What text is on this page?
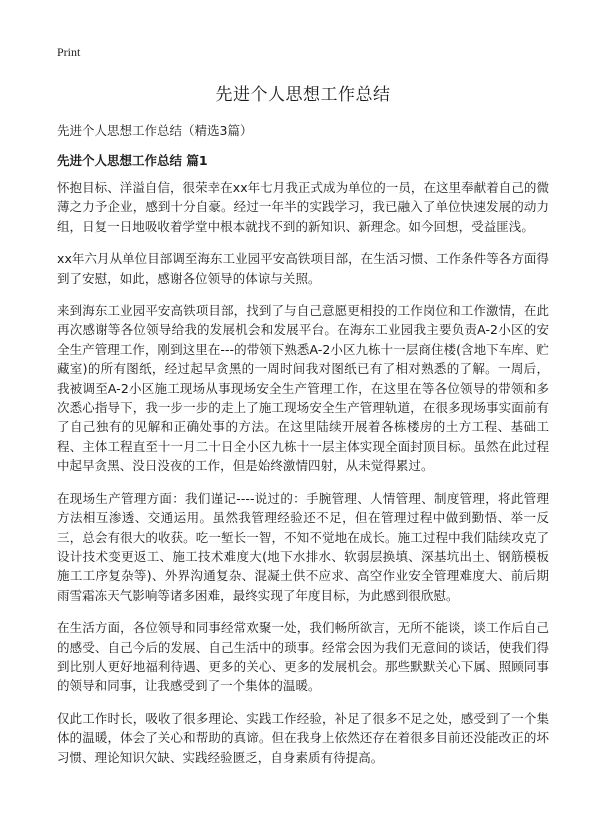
Print
先进个人思想工作总结

先进个人思想工作总结（精选3篇）

先进个人思想工作总结 篇1

怀抱目标、洋溢自信，很荣幸在xx年七月我正式成为单位的一员，在这里奉献着自己的微薄之力予企业，感到十分自豪。经过一年半的实践学习，我已融入了单位快速发展的动力组，日复一日地吸收着学堂中根本就找不到的新知识、新理念。如今回想，受益匪浅。

xx年六月从单位目部调至海东工业园平安高铁项目部，在生活习惯、工作条件等各方面得到了安慰，如此，感谢各位领导的体谅与关照。

来到海东工业园平安高铁项目部，找到了与自己意愿更相投的工作岗位和工作激情，在此再次感谢等各位领导给我的发展机会和发展平台。在海东工业园我主要负责A-2小区的安全生产管理工作，刚到这里在---的带领下熟悉A-2小区九栋十一层商住楼(含地下车库、贮藏室)的所有图纸，经过起早贪黑的一周时间我对图纸已有了相对熟悉的了解。一周后，我被调至A-2小区施工现场从事现场安全生产管理工作，在这里在等各位领导的带领和多次悉心指导下，我一步一步的走上了施工现场安全生产管理轨道，在很多现场事实面前有了自己独有的见解和正确处事的方法。在这里陆续开展着各栋楼房的土方工程、基础工程、主体工程直至十一月二十日全小区九栋十一层主体实现全面封顶目标。虽然在此过程中起早贪黑、没日没夜的工作，但是始终激情四射，从未觉得累过。

在现场生产管理方面：我们谨记----说过的：手腕管理、人情管理、制度管理，将此管理方法相互渗透、交通运用。虽然我管理经验还不足，但在管理过程中做到勤悟、举一反三，总会有很大的收获。吃一堑长一智，不知不觉地在成长。施工过程中我们陆续攻克了设计技术变更返工、施工技术难度大(地下水排水、软弱层换填、深基坑出土、钢筋模板施工工序复杂等)、外界沟通复杂、混凝土供不应求、高空作业安全管理难度大、前后期雨雪霜冻天气影响等诸多困难，最终实现了年度目标，为此感到很欣慰。

在生活方面，各位领导和同事经常欢聚一处，我们畅所欲言，无所不能谈，谈工作后自己的感受、自己今后的发展、自己生活中的琐事。经常会因为我们无意间的谈话，使我们得到比别人更好地福利待遇、更多的关心、更多的发展机会。那些默默关心下属、照顾同事的领导和同事，让我感受到了一个集体的温暖。

仅此工作时长，吸收了很多理论、实践工作经验，补足了很多不足之处，感受到了一个集体的温暖，体会了关心和帮助的真谛。但在我身上依然还存在着很多目前还没能改正的坏习惯、理论知识欠缺、实践经验匮乏，自身素质有待提高。
